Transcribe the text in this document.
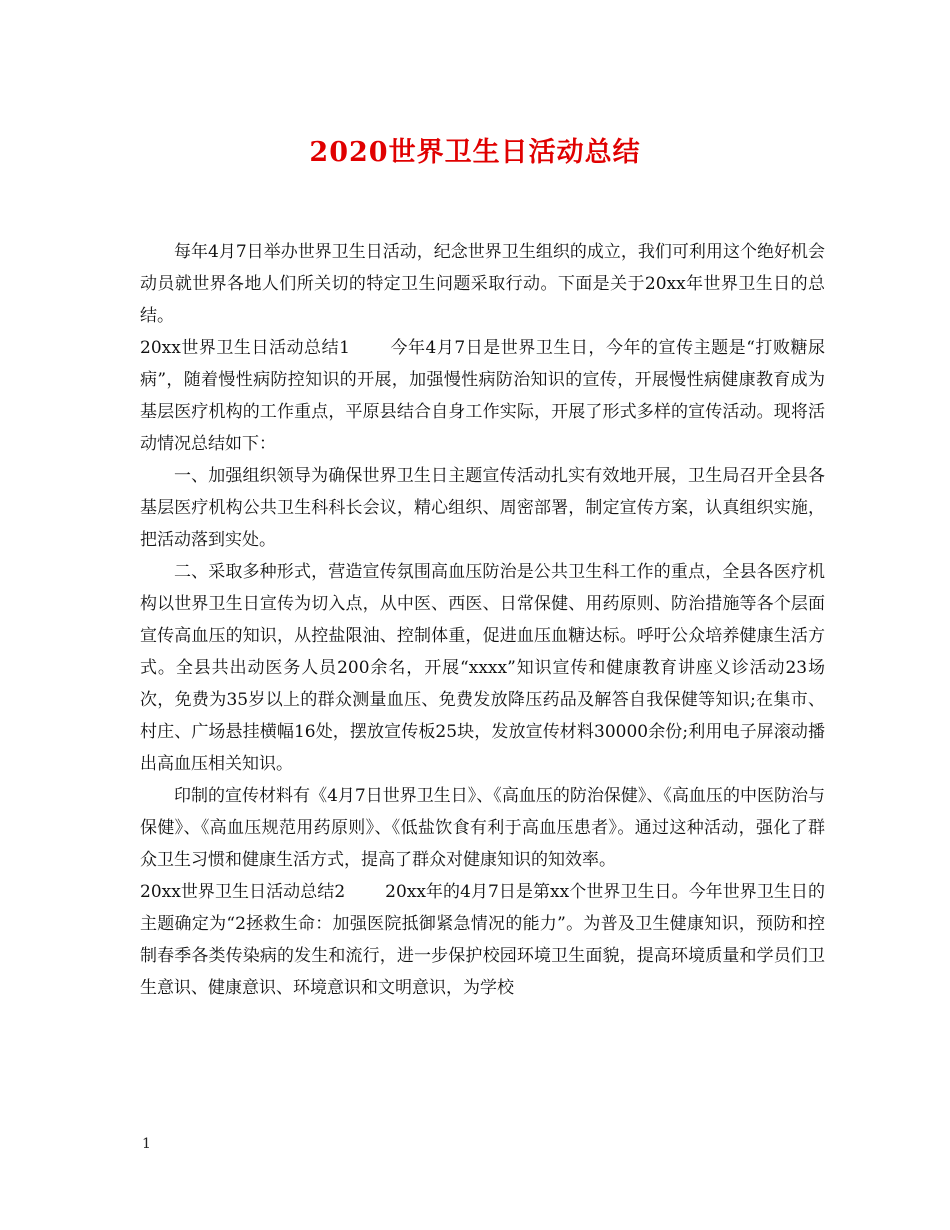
2020世界卫生日活动总结

每年4月7日举办世界卫生日活动，纪念世界卫生组织的成立，我们可利用这个绝好机会动员就世界各地人们所关切的特定卫生问题采取行动。下面是关于20xx年世界卫生日的总结。

20xx世界卫生日活动总结1 今年4月7日是世界卫生日，今年的宣传主题是“打败糖尿病”，随着慢性病防控知识的开展，加强慢性病防治知识的宣传，开展慢性病健康教育成为基层医疗机构的工作重点，平原县结合自身工作实际，开展了形式多样的宣传活动。现将活动情况总结如下：

一、加强组织领导为确保世界卫生日主题宣传活动扎实有效地开展，卫生局召开全县各基层医疗机构公共卫生科科长会议，精心组织、周密部署，制定宣传方案，认真组织实施，把活动落到实处。

二、采取多种形式，营造宣传氛围高血压防治是公共卫生科工作的重点，全县各医疗机构以世界卫生日宣传为切入点，从中医、西医、日常保健、用药原则、防治措施等各个层面宣传高血压的知识，从控盐限油、控制体重，促进血压血糖达标。呼吁公众培养健康生活方式。全县共出动医务人员200余名，开展“xxxx”知识宣传和健康教育讲座义诊活动23场次，免费为35岁以上的群众测量血压、免费发放降压药品及解答自我保健等知识;在集市、村庄、广场悬挂横幅16处，摆放宣传板25块，发放宣传材料30000余份;利用电子屏滚动播出高血压相关知识。

印制的宣传材料有《4月7日世界卫生日》、《高血压的防治保健》、《高血压的中医防治与保健》、《高血压规范用药原则》、《低盐饮食有利于高血压患者》。通过这种活动，强化了群众卫生习惯和健康生活方式，提高了群众对健康知识的知效率。

20xx世界卫生日活动总结2 20xx年的4月7日是第xx个世界卫生日。今年世界卫生日的主题确定为“2拯救生命：加强医院抵御紧急情况的能力”。为普及卫生健康知识，预防和控制春季各类传染病的发生和流行，进一步保护校园环境卫生面貌，提高环境质量和学员们卫生意识、健康意识、环境意识和文明意识，为学校

1
